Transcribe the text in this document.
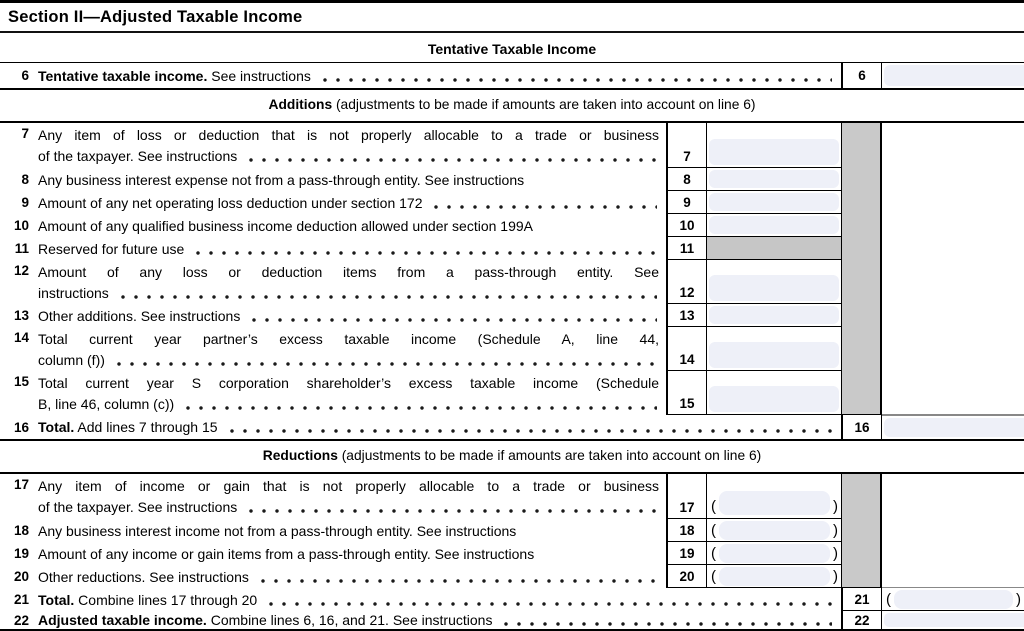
Section II—Adjusted Taxable Income
Tentative Taxable Income
6 Tentative taxable income. See instructions	6
Additions (adjustments to be made if amounts are taken into account on line 6)
7 Any item of loss or deduction that is not properly allocable to a trade or business
of the taxpayer. See instructions	7
8 Any business interest expense not from a pass-through entity. See instructions	8
9 Amount of any net operating loss deduction under section 172	9
10 Amount of any qualified business income deduction allowed under section 199A	10
11 Reserved for future use	11
12 Amount of any loss or deduction items from a pass-through entity. See
instructions	12
13 Other additions. See instructions	13
14 Total current year partner’s excess taxable income (Schedule A, line 44,
column (f))	14
15 Total current year S corporation shareholder’s excess taxable income (Schedule
B, line 46, column (c))	15
16 Total. Add lines 7 through 15	16
Reductions (adjustments to be made if amounts are taken into account on line 6)
17 Any item of income or gain that is not properly allocable to a trade or business
of the taxpayer. See instructions	17	(	)
18 Any business interest income not from a pass-through entity. See instructions	18	(	)
19 Amount of any income or gain items from a pass-through entity. See instructions	19	(	)
20 Other reductions. See instructions	20	(	)
21 Total. Combine lines 17 through 20	21	(	)
22 Adjusted taxable income. Combine lines 6, 16, and 21. See instructions	22
